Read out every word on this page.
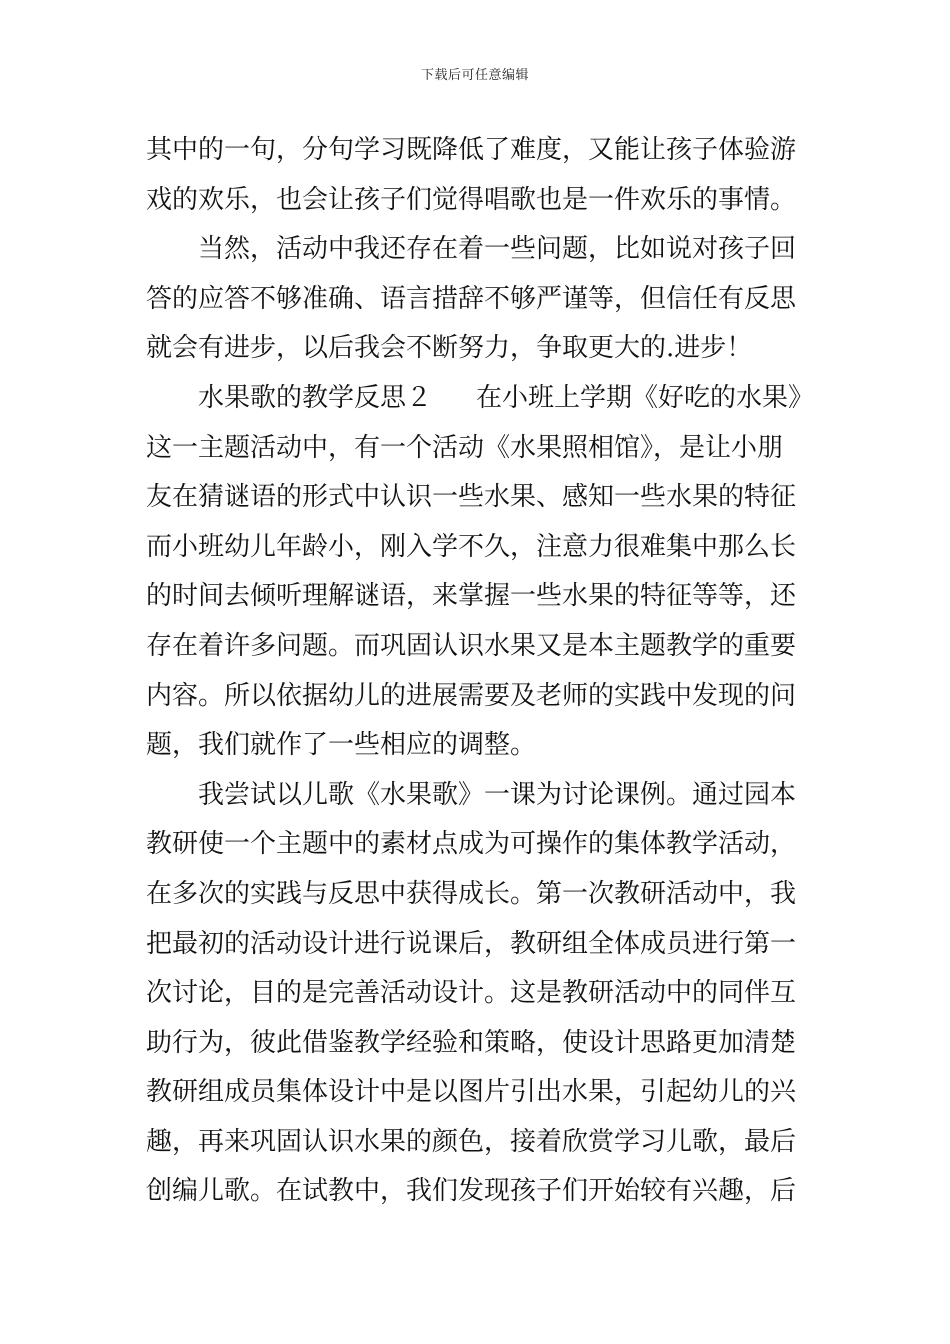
下载后可任意编辑
其中的一句，分句学习既降低了难度，又能让孩子体验游
戏的欢乐，也会让孩子们觉得唱歌也是一件欢乐的事情。
当然，活动中我还存在着一些问题，比如说对孩子回
答的应答不够准确、语言措辞不够严谨等，但信任有反思
就会有进步，以后我会不断努力，争取更大的.进步！
水果歌的教学反思２ 在小班上学期《好吃的水果》
这一主题活动中，有一个活动《水果照相馆》，是让小朋
友在猜谜语的形式中认识一些水果、感知一些水果的特征
而小班幼儿年龄小，刚入学不久，注意力很难集中那么长
的时间去倾听理解谜语，来掌握一些水果的特征等等，还
存在着许多问题。而巩固认识水果又是本主题教学的重要
内容。所以依据幼儿的进展需要及老师的实践中发现的问
题，我们就作了一些相应的调整。
我尝试以儿歌《水果歌》一课为讨论课例。通过园本
教研使一个主题中的素材点成为可操作的集体教学活动，
在多次的实践与反思中获得成长。第一次教研活动中，我
把最初的活动设计进行说课后，教研组全体成员进行第一
次讨论，目的是完善活动设计。这是教研活动中的同伴互
助行为，彼此借鉴教学经验和策略，使设计思路更加清楚
教研组成员集体设计中是以图片引出水果，引起幼儿的兴
趣，再来巩固认识水果的颜色，接着欣赏学习儿歌，最后
创编儿歌。在试教中，我们发现孩子们开始较有兴趣，后
